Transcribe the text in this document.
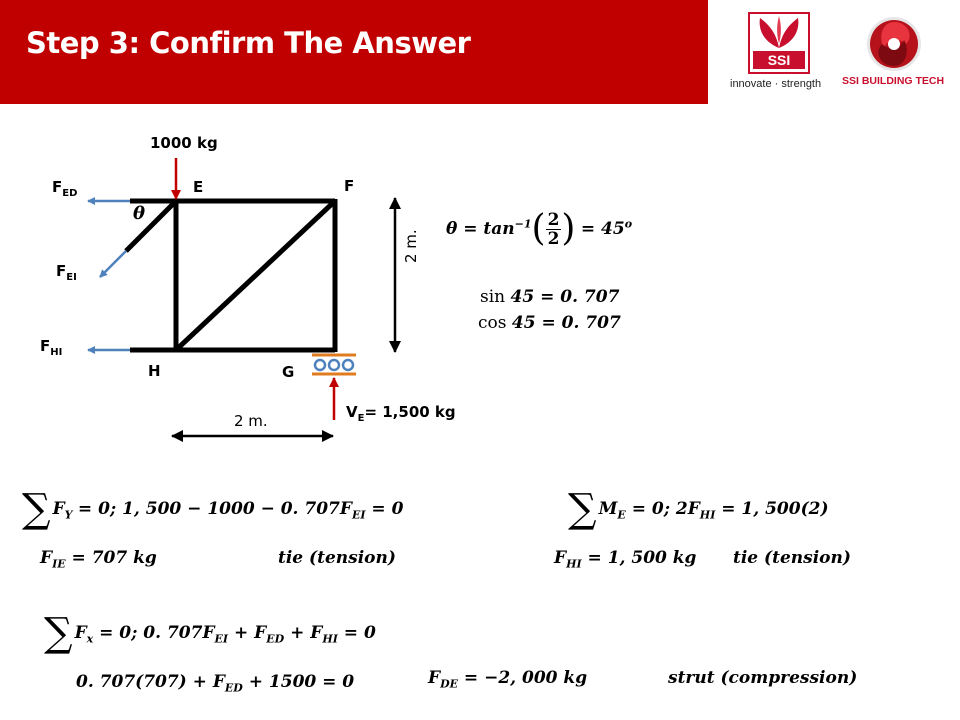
Step 3: Confirm The Answer	SSI
innovate · strength SSI BUILDING TECH
1000 kg
E	F
H	G
θ
$F_{ED}$
$F_{EI}$
$F_{HI}$
$V_E= 1,500$ kg
2 m.
2 m.
$\theta = \tan^{-1}( \frac{2}{2}$ ) = $45^o$
sin 45 = 0. 707
cos 45 = 0. 707
∑ $F_Y = 0$; 1, 500 − 1000 − 0. $707F_{EI} = 0$
$F_{IE} = 707$ kg	tie (tension)
∑ $M_E = 0$; $2F_{HI} = 1$, 500(2)
$F_{HI} = 1$, 500 kg tie (tension)
∑ $F_x = 0$; 0. $707F_{EI} + F_{ED} + F_{HI} = 0$
0. $707(707) + F_{ED} + 1500 = 0$	$F_{DE} = -2$, 000 kg	strut (compression)
